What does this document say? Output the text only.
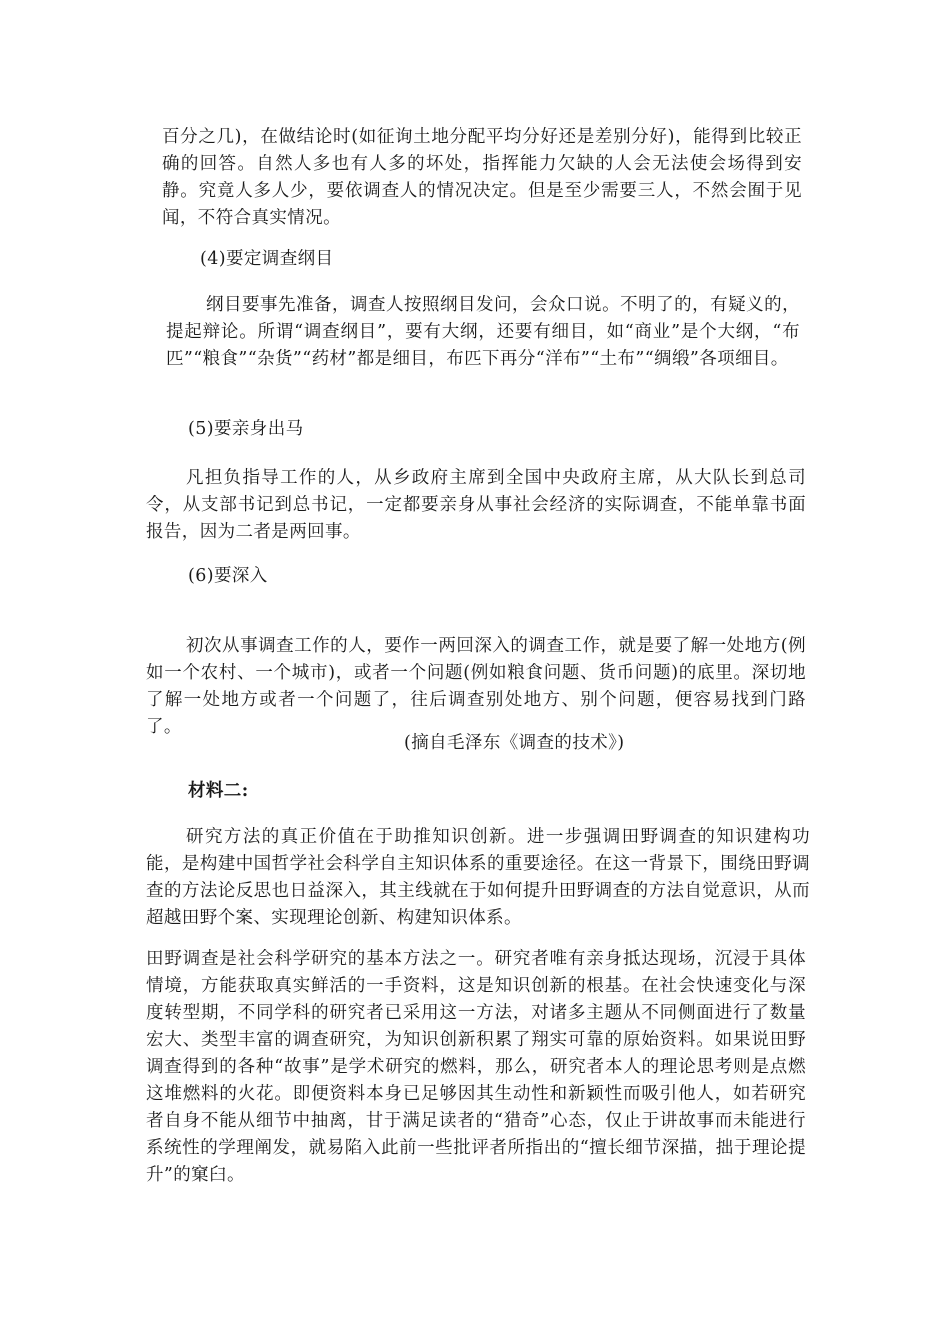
百分之几)，在做结论时(如征询土地分配平均分好还是差别分好)，能得到比较正确的回答。自然人多也有人多的坏处，指挥能力欠缺的人会无法使会场得到安静。究竟人多人少，要依调查人的情况决定。但是至少需要三人，不然会囿于见闻，不符合真实情况。

(4)要定调查纲目

纲目要事先准备，调查人按照纲目发问，会众口说。不明了的，有疑义的，提起辩论。所谓“调查纲目”，要有大纲，还要有细目，如“商业”是个大纲，“布匹”“粮食”“杂货”“药材”都是细目，布匹下再分“洋布”“土布”“绸缎”各项细目。

(5)要亲身出马

凡担负指导工作的人，从乡政府主席到全国中央政府主席，从大队长到总司令，从支部书记到总书记，一定都要亲身从事社会经济的实际调查，不能单靠书面报告，因为二者是两回事。

(6)要深入

初次从事调查工作的人，要作一两回深入的调查工作，就是要了解一处地方(例如一个农村、一个城市)，或者一个问题(例如粮食问题、货币问题)的底里。深切地了解一处地方或者一个问题了，往后调查别处地方、别个问题，便容易找到门路了。

(摘自毛泽东《调查的技术》)

材料二:

研究方法的真正价值在于助推知识创新。进一步强调田野调查的知识建构功能，是构建中国哲学社会科学自主知识体系的重要途径。在这一背景下，围绕田野调查的方法论反思也日益深入，其主线就在于如何提升田野调查的方法自觉意识，从而超越田野个案、实现理论创新、构建知识体系。

田野调查是社会科学研究的基本方法之一。研究者唯有亲身抵达现场，沉浸于具体情境，方能获取真实鲜活的一手资料，这是知识创新的根基。在社会快速变化与深度转型期，不同学科的研究者已采用这一方法，对诸多主题从不同侧面进行了数量宏大、类型丰富的调查研究，为知识创新积累了翔实可靠的原始资料。如果说田野调查得到的各种“故事”是学术研究的燃料，那么，研究者本人的理论思考则是点燃这堆燃料的火花。即便资料本身已足够因其生动性和新颖性而吸引他人，如若研究者自身不能从细节中抽离，甘于满足读者的“猎奇”心态，仅止于讲故事而未能进行系统性的学理阐发，就易陷入此前一些批评者所指出的“擅长细节深描，拙于理论提升”的窠臼。
